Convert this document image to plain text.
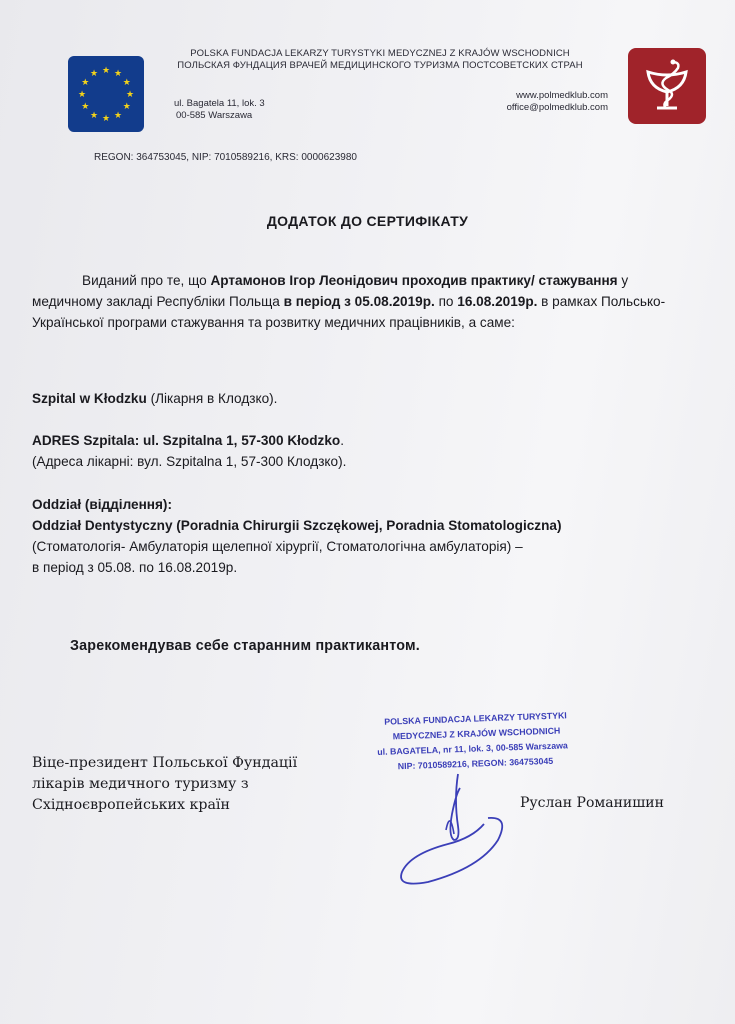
★ ★
★
★
★
★
★
★
★
★
★
★
POLSKA FUNDACJA LEKARZY TURYSTYKI MEDYCZNEJ Z KRAJÓW WSCHODNICH
ПОЛЬСКАЯ ФУНДАЦИЯ ВРАЧЕЙ МЕДИЦИНСКОГО ТУРИЗМА ПОСТСОВЕТСКИХ СТРАН
ul. Bagatela 11, lok. 3
00-585 Warszawa
www.polmedklub.com
office@polmedklub.com
REGON: 364753045, NIP: 7010589216, KRS: 0000623980
ДОДАТОК ДО СЕРТИФІКАТУ
Виданий про те, що Артамонов Ігор Леонідович проходив практику/ стажування у медичному закладі Республіки Польща в період з 05.08.2019р. по 16.08.2019р. в рамках Польсько-Української програми стажування та розвитку медичних працівників, а саме:
Szpital w Kłodzku (Лікарня в Клодзко).
ADRES Szpitala: ul. Szpitalna 1, 57-300 Kłodzko.
(Адреса лікарні: вул. Szpitalna 1, 57-300 Клодзко).
Oddział (відділення):
Oddział Dentystyczny (Poradnia Chirurgii Szczękowej, Poradnia Stomatologiczna)
(Стоматологія- Амбулаторія щелепної хірургії, Стоматологічна амбулаторія) –
в період з 05.08. по 16.08.2019р.
Зарекомендував себе старанним практикантом.
Віце-президент Польської Фундації
лікарів медичного туризму з
Східноєвропейських країн
POLSKA FUNDACJA LEKARZY TURYSTYKI
MEDYCZNEJ Z KRAJÓW WSCHODNICH
ul. BAGATELA, nr 11, lok. 3, 00-585 Warszawa
NIP: 7010589216, REGON: 364753045
Руслан Романишин
